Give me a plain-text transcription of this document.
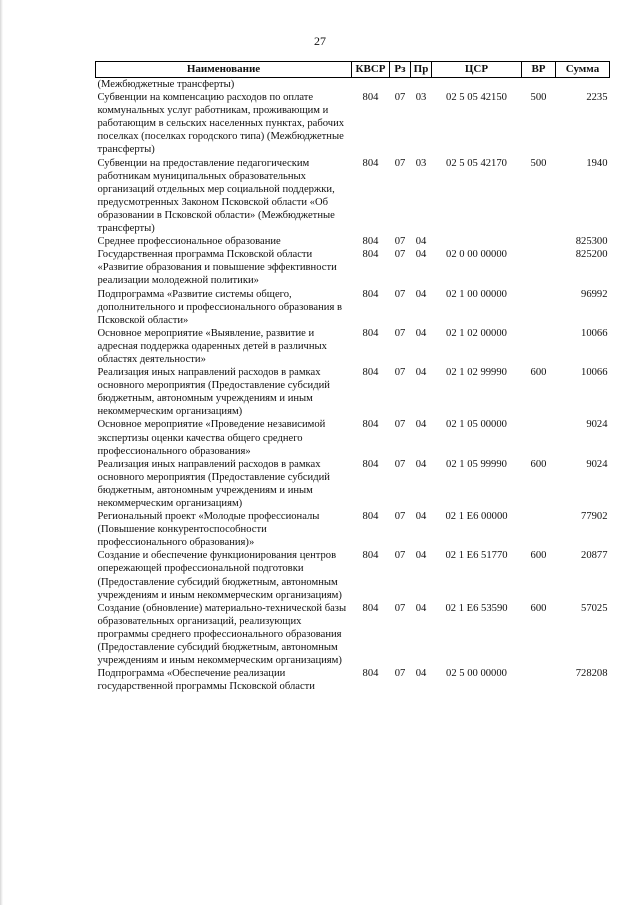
27
Наименование	КВСР	Рз	Пр	ЦСР	ВР	Сумма
(Межбюджетные трансферты)						
Субвенции на компенсацию расходов по оплате коммунальных услуг работникам, проживающим и работающим в сельских населенных пунктах, рабочих поселках (поселках городского типа) (Межбюджетные трансферты)	804	07	03	02 5 05 42150	500	2235
Субвенции на предоставление педагогическим работникам муниципальных образовательных организаций отдельных мер социальной поддержки, предусмотренных Законом Псковской области «Об образовании в Псковской области» (Межбюджетные трансферты)	804	07	03	02 5 05 42170	500	1940
Среднее профессиональное образование	804	07	04			825300
Государственная программа Псковской области «Развитие образования и повышение эффективности реализации молодежной политики»	804	07	04	02 0 00 00000		825200
Подпрограмма «Развитие системы общего, дополнительного и профессионального образования в Псковской области»	804	07	04	02 1 00 00000		96992
Основное мероприятие «Выявление, развитие и адресная поддержка одаренных детей в различных областях деятельности»	804	07	04	02 1 02 00000		10066
Реализация иных направлений расходов в рамках основного мероприятия (Предоставление субсидий бюджетным, автономным учреждениям и иным некоммерческим организациям)	804	07	04	02 1 02 99990	600	10066
Основное мероприятие «Проведение независимой экспертизы оценки качества общего среднего профессионального образования»	804	07	04	02 1 05 00000		9024
Реализация иных направлений расходов в рамках основного мероприятия (Предоставление субсидий бюджетным, автономным учреждениям и иным некоммерческим организациям)	804	07	04	02 1 05 99990	600	9024
Региональный проект «Молодые профессионалы (Повышение конкурентоспособности профессионального образования)»	804	07	04	02 1 Е6 00000		77902
Создание и обеспечение функционирования центров опережающей профессиональной подготовки (Предоставление субсидий бюджетным, автономным учреждениям и иным некоммерческим организациям)	804	07	04	02 1 Е6 51770	600	20877
Создание (обновление) материально-технической базы образовательных организаций, реализующих программы среднего профессионального образования (Предоставление субсидий бюджетным, автономным учреждениям и иным некоммерческим организациям)	804	07	04	02 1 Е6 53590	600	57025
Подпрограмма «Обеспечение реализации государственной программы Псковской области	804	07	04	02 5 00 00000		728208
